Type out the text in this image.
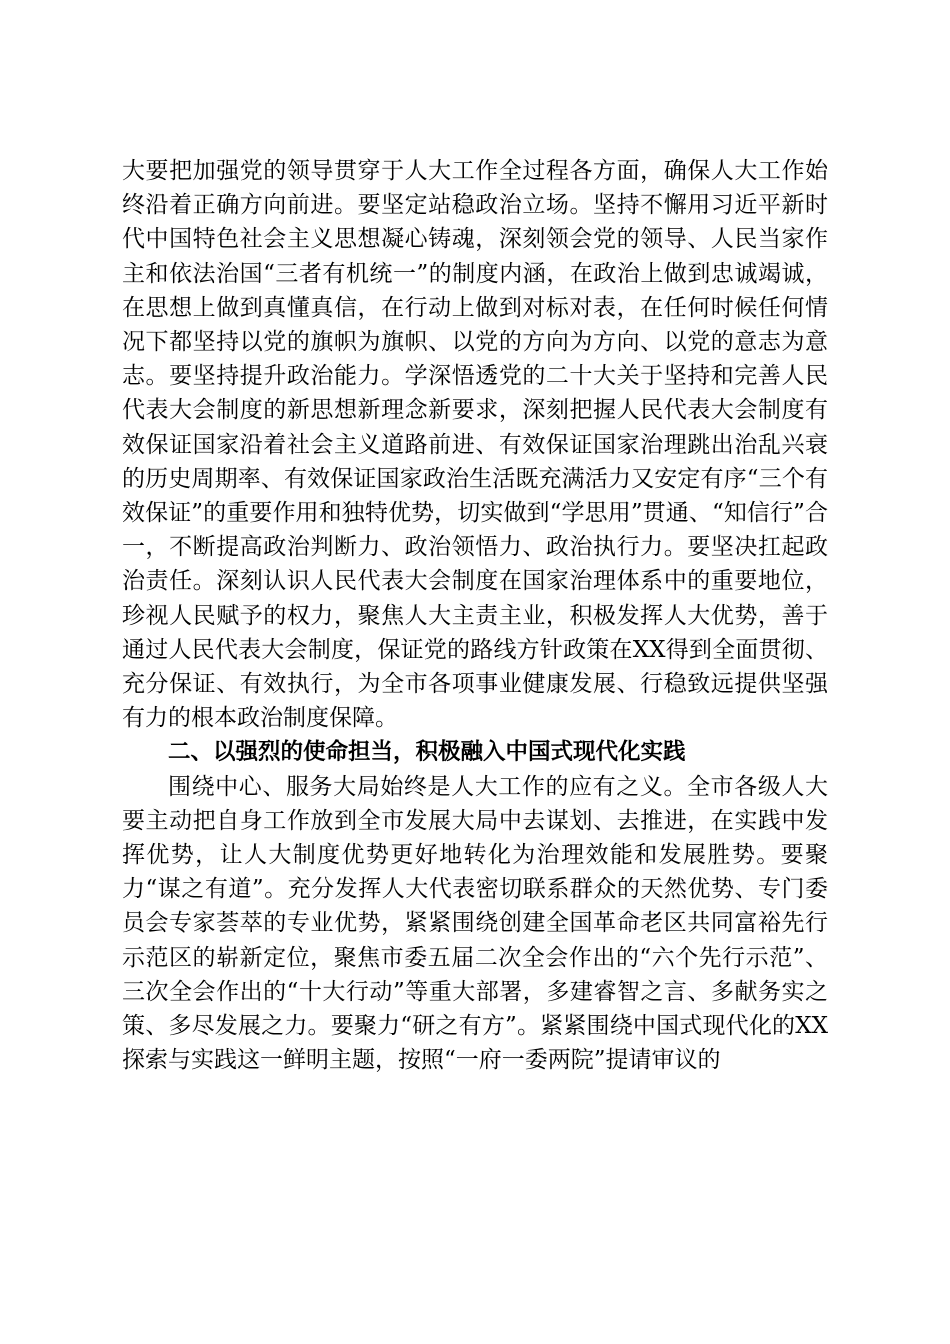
大要把加强党的领导贯穿于人大工作全过程各方面，确保人大工作始终沿着正确方向前进。要坚定站稳政治立场。坚持不懈用习近平新时代中国特色社会主义思想凝心铸魂，深刻领会党的领导、人民当家作主和依法治国“三者有机统一”的制度内涵，在政治上做到忠诚竭诚，在思想上做到真懂真信，在行动上做到对标对表，在任何时候任何情况下都坚持以党的旗帜为旗帜、以党的方向为方向、以党的意志为意志。要坚持提升政治能力。学深悟透党的二十大关于坚持和完善人民代表大会制度的新思想新理念新要求，深刻把握人民代表大会制度有效保证国家沿着社会主义道路前进、有效保证国家治理跳出治乱兴衰的历史周期率、有效保证国家政治生活既充满活力又安定有序“三个有效保证”的重要作用和独特优势，切实做到“学思用”贯通、“知信行”合一，不断提高政治判断力、政治领悟力、政治执行力。要坚决扛起政治责任。深刻认识人民代表大会制度在国家治理体系中的重要地位，珍视人民赋予的权力，聚焦人大主责主业，积极发挥人大优势，善于通过人民代表大会制度，保证党的路线方针政策在XX得到全面贯彻、充分保证、有效执行，为全市各项事业健康发展、行稳致远提供坚强有力的根本政治制度保障。

二、以强烈的使命担当，积极融入中国式现代化实践

围绕中心、服务大局始终是人大工作的应有之义。全市各级人大要主动把自身工作放到全市发展大局中去谋划、去推进，在实践中发挥优势，让人大制度优势更好地转化为治理效能和发展胜势。要聚力“谋之有道”。充分发挥人大代表密切联系群众的天然优势、专门委员会专家荟萃的专业优势，紧紧围绕创建全国革命老区共同富裕先行示范区的崭新定位，聚焦市委五届二次全会作出的“六个先行示范”、三次全会作出的“十大行动”等重大部署，多建睿智之言、多献务实之策、多尽发展之力。要聚力“研之有方”。紧紧围绕中国式现代化的XX探索与实践这一鲜明主题，按照“一府一委两院”提请审议的
